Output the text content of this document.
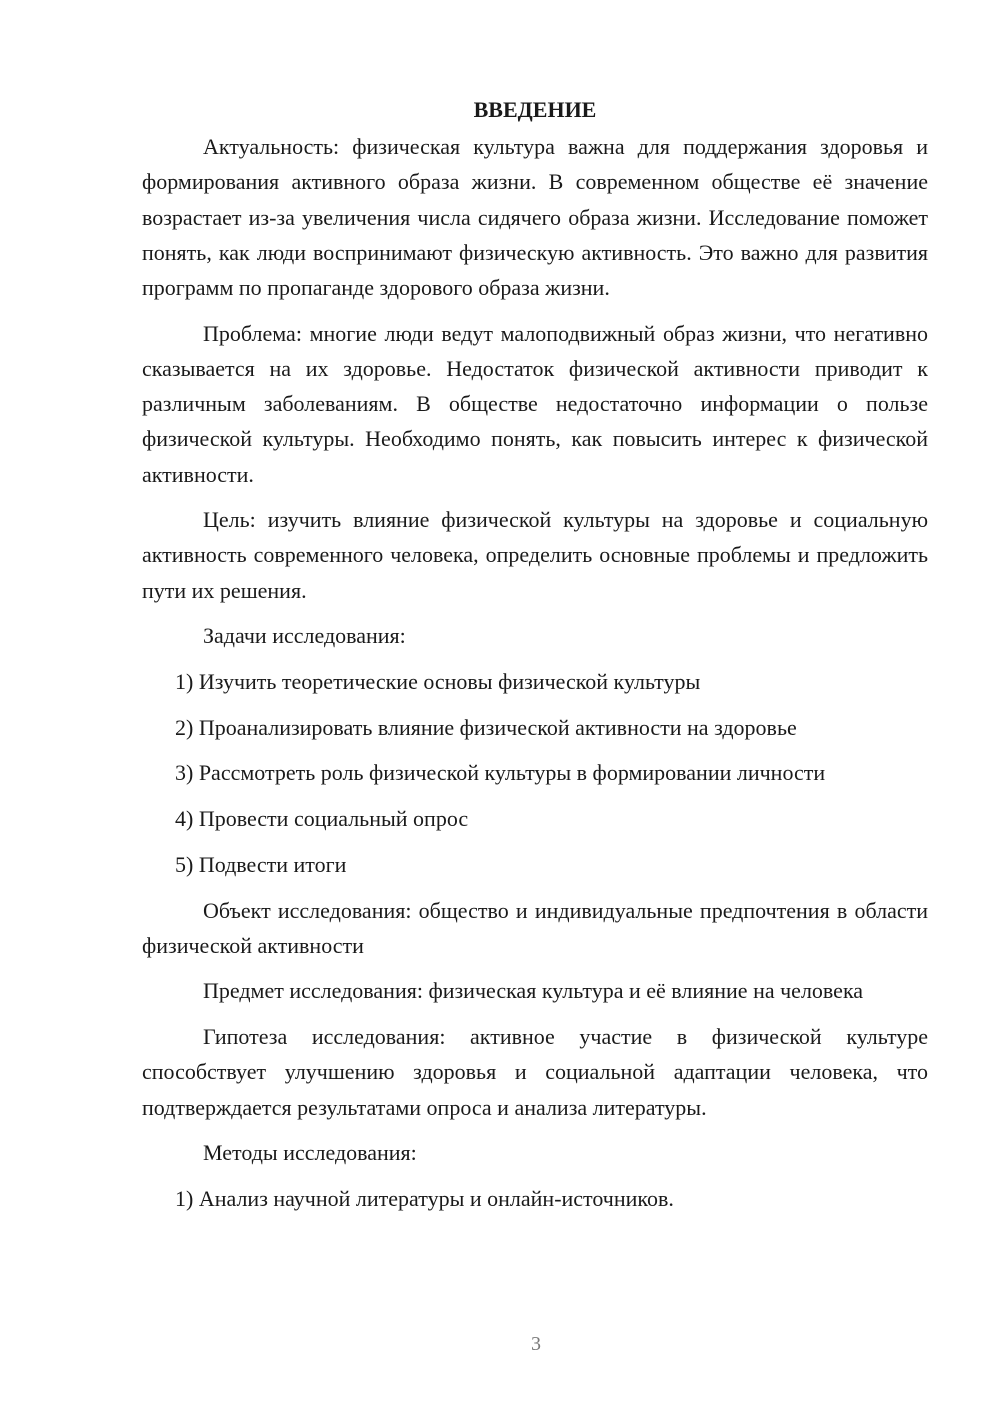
ВВЕДЕНИЕ

Актуальность: физическая культура важна для поддержания здоровья и формирования активного образа жизни. В современном обществе её значение возрастает из-за увеличения числа сидячего образа жизни. Исследование поможет понять, как люди воспринимают физическую активность. Это важно для развития программ по пропаганде здорового образа жизни.

Проблема: многие люди ведут малоподвижный образ жизни, что негативно сказывается на их здоровье. Недостаток физической активности приводит к различным заболеваниям. В обществе недостаточно информации о пользе физической культуры. Необходимо понять, как повысить интерес к физической активности.

Цель: изучить влияние физической культуры на здоровье и социальную активность современного человека, определить основные проблемы и предложить пути их решения.

Задачи исследования:

1) Изучить теоретические основы физической культуры
2) Проанализировать влияние физической активности на здоровье
3) Рассмотреть роль физической культуры в формировании личности
4) Провести социальный опрос
5) Подвести итоги

Объект исследования: общество и индивидуальные предпочтения в области физической активности

Предмет исследования: физическая культура и её влияние на человека

Гипотеза исследования: активное участие в физической культуре способствует улучшению здоровья и социальной адаптации человека, что подтверждается результатами опроса и анализа литературы.

Методы исследования:

1) Анализ научной литературы и онлайн-источников.
3
